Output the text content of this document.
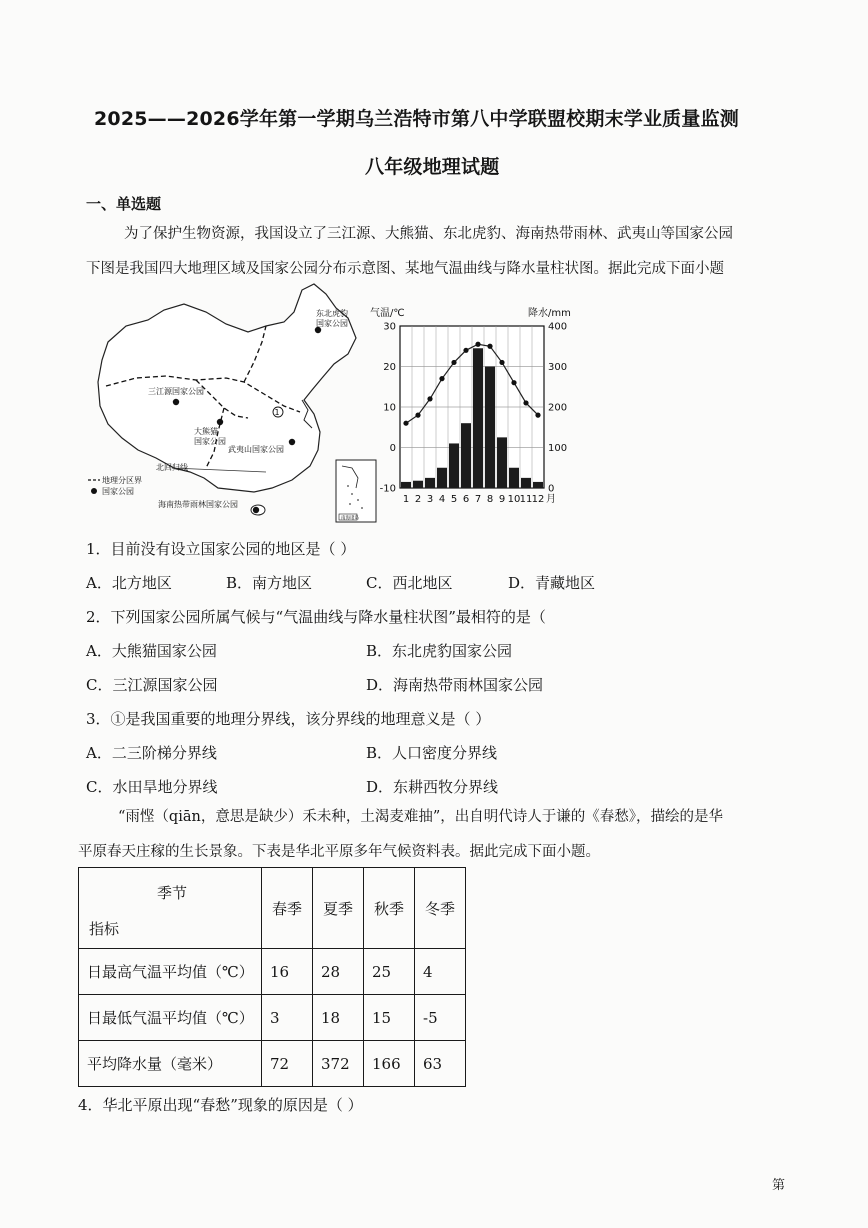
2025——2026学年第一学期乌兰浩特市第八中学联盟校期末学业质量监测
八年级地理试题
一、单选题
为了保护生物资源，我国设立了三江源、大熊猫、东北虎豹、海南热带雨林、武夷山等国家公园
下图是我国四大地理区域及国家公园分布示意图、某地气温曲线与降水量柱状图。据此完成下面小题
东北虎豹
国家公园
三江源国家公园
大熊猫
国家公园
武夷山国家公园
北回归线
海南热带雨林国家公园
1
地理分区界
国家公园
南海诸岛
气温/℃	降水/mm
30
20
10
0
-10
400
300
200
100
0
1 2 3 4 5 6 7 8 9 10 11 12 月
1．目前没有设立国家公园的地区是（ ）
A．北方地区	B．南方地区	C．西北地区	D．青藏地区
2．下列国家公园所属气候与“气温曲线与降水量柱状图”最相符的是（
A．大熊猫国家公园	B．东北虎豹国家公园
C．三江源国家公园	D．海南热带雨林国家公园
3．①是我国重要的地理分界线，该分界线的地理意义是（ ）
A．二三阶梯分界线	B．人口密度分界线
C．水田旱地分界线	D．东耕西牧分界线
“雨悭（qiān，意思是缺少）禾未种，土渴麦难抽”，出自明代诗人于谦的《春愁》，描绘的是华
平原春天庄稼的生长景象。下表是华北平原多年气候资料表。据此完成下面小题。
季节
指标	春季	夏季	秋季	冬季
日最高气温平均值（℃）	16	28	25	4
日最低气温平均值（℃）	3	18	15	-5
平均降水量（毫米）	72	372	166	63
4．华北平原出现“春愁”现象的原因是（ ）
第
